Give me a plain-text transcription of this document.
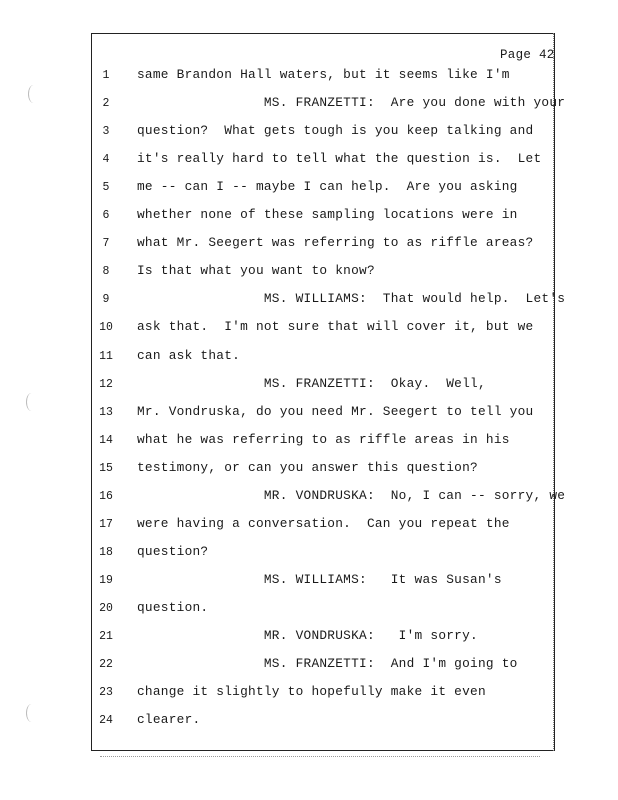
Page 42
1	same Brandon Hall waters, but it seems like I'm
2	MS. FRANZETTI:  Are you done with your
3	question?  What gets tough is you keep talking and
4	it's really hard to tell what the question is.  Let
5	me -- can I -- maybe I can help.  Are you asking
6	whether none of these sampling locations were in
7	what Mr. Seegert was referring to as riffle areas?
8	Is that what you want to know?
9	MS. WILLIAMS:  That would help.  Let's
10 ask that.  I'm not sure that will cover it, but we
11 can ask that.
12 MS. FRANZETTI:  Okay.  Well,
13 Mr. Vondruska, do you need Mr. Seegert to tell you
14 what he was referring to as riffle areas in his
15 testimony, or can you answer this question?
16 MR. VONDRUSKA:  No, I can -- sorry, we
17 were having a conversation.  Can you repeat the
18 question?
19 MS. WILLIAMS:   It was Susan's
20 question.
21 MR. VONDRUSKA:   I'm sorry.
22 MS. FRANZETTI:  And I'm going to
23 change it slightly to hopefully make it even
24 clearer.
